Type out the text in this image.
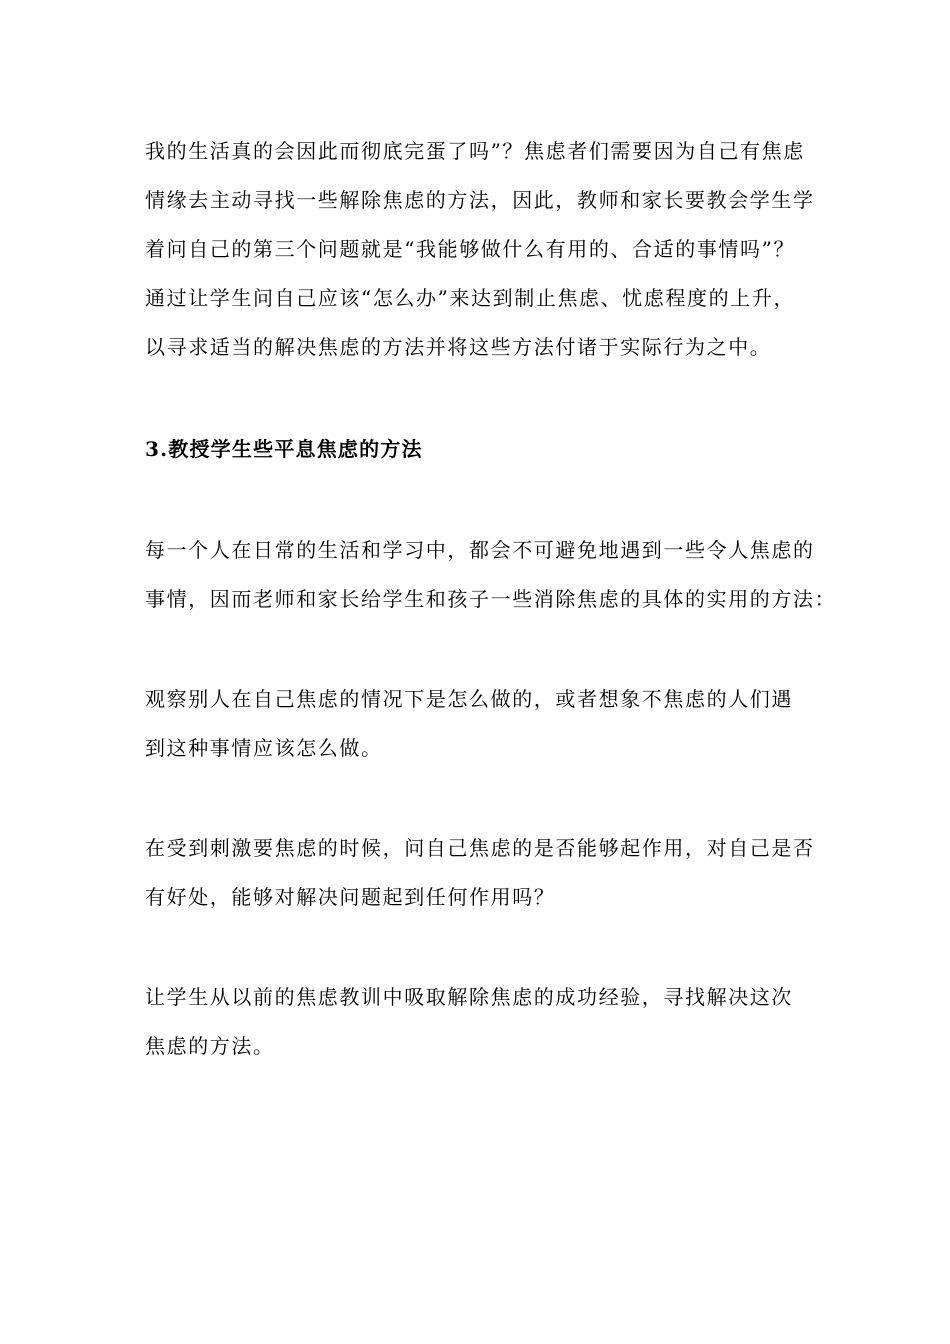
我的生活真的会因此而彻底完蛋了吗”？焦虑者们需要因为自己有焦虑
情缘去主动寻找一些解除焦虑的方法，因此，教师和家长要教会学生学
着问自己的第三个问题就是“我能够做什么有用的、合适的事情吗”？
通过让学生问自己应该“怎么办”来达到制止焦虑、忧虑程度的上升，
以寻求适当的解决焦虑的方法并将这些方法付诸于实际行为之中。
3.教授学生些平息焦虑的方法
每一个人在日常的生活和学习中，都会不可避免地遇到一些令人焦虑的
事情，因而老师和家长给学生和孩子一些消除焦虑的具体的实用的方法：
观察别人在自己焦虑的情况下是怎么做的，或者想象不焦虑的人们遇
到这种事情应该怎么做。
在受到刺激要焦虑的时候，问自己焦虑的是否能够起作用，对自己是否
有好处，能够对解决问题起到任何作用吗？
让学生从以前的焦虑教训中吸取解除焦虑的成功经验，寻找解决这次
焦虑的方法。
